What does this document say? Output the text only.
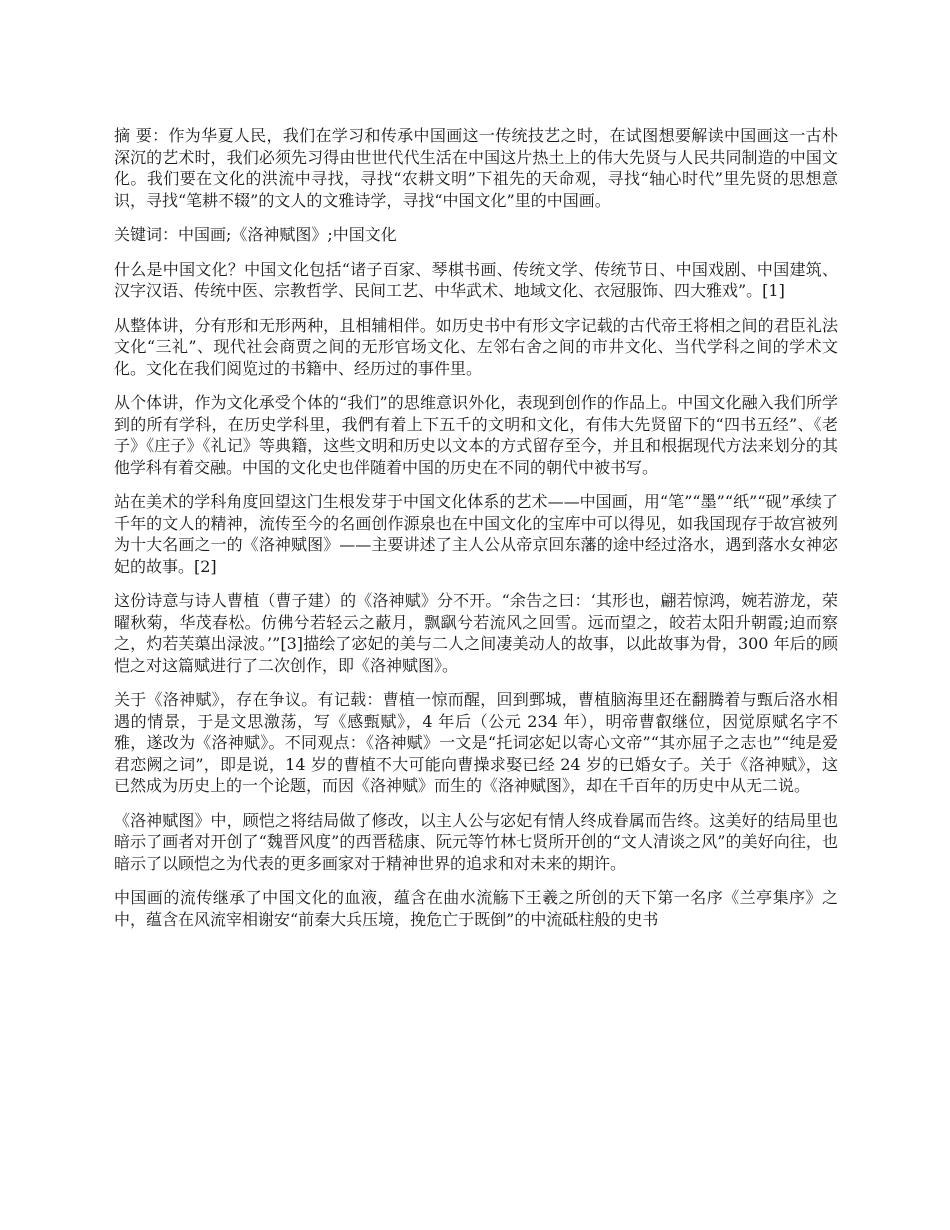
摘 要：作为华夏人民，我们在学习和传承中国画这一传统技艺之时，在试图想要解读中国画这一古朴深沉的艺术时，我们必须先习得由世世代代生活在中国这片热土上的伟大先贤与人民共同制造的中国文化。我们要在文化的洪流中寻找，寻找“农耕文明”下祖先的天命观，寻找“轴心时代”里先贤的思想意识，寻找“笔耕不辍”的文人的文雅诗学，寻找“中国文化”里的中国画。

关键词：中国画;《洛神赋图》;中国文化

什么是中国文化？中国文化包括“诸子百家、琴棋书画、传统文学、传统节日、中国戏剧、中国建筑、汉字汉语、传统中医、宗教哲学、民间工艺、中华武术、地域文化、衣冠服饰、四大雅戏”。[1]

从整体讲，分有形和无形两种，且相辅相伴。如历史书中有形文字记载的古代帝王将相之间的君臣礼法文化“三礼”、现代社会商贾之间的无形官场文化、左邻右舍之间的市井文化、当代学科之间的学术文化。文化在我们阅览过的书籍中、经历过的事件里。

从个体讲，作为文化承受个体的“我们”的思维意识外化，表现到创作的作品上。中国文化融入我们所学到的所有学科，在历史学科里，我們有着上下五千的文明和文化，有伟大先贤留下的“四书五经”、《老子》《庄子》《礼记》等典籍，这些文明和历史以文本的方式留存至今，并且和根据现代方法来划分的其他学科有着交融。中国的文化史也伴随着中国的历史在不同的朝代中被书写。

站在美术的学科角度回望这门生根发芽于中国文化体系的艺术——中国画，用“笔”“墨”“纸”“砚”承续了千年的文人的精神，流传至今的名画创作源泉也在中国文化的宝库中可以得见，如我国现存于故宫被列为十大名画之一的《洛神赋图》——主要讲述了主人公从帝京回东藩的途中经过洛水，遇到落水女神宓妃的故事。[2]

这份诗意与诗人曹植（曹子建）的《洛神赋》分不开。“余告之曰：‘其形也，翩若惊鸿，婉若游龙，荣曜秋菊，华茂春松。仿佛兮若轻云之蔽月，飘飖兮若流风之回雪。远而望之，皎若太阳升朝霞;迫而察之，灼若芙蕖出渌波。’”[3]描绘了宓妃的美与二人之间凄美动人的故事，以此故事为骨，300 年后的顾恺之对这篇赋进行了二次创作，即《洛神赋图》。

关于《洛神赋》，存在争议。有记载：曹植一惊而醒，回到鄄城，曹植脑海里还在翻腾着与甄后洛水相遇的情景，于是文思激荡，写《感甄赋》，4 年后（公元 234 年），明帝曹叡继位，因觉原赋名字不雅，遂改为《洛神赋》。不同观点：《洛神赋》一文是“托词宓妃以寄心文帝”“其亦屈子之志也”“纯是爱君恋阙之词”，即是说，14 岁的曹植不大可能向曹操求娶已经 24 岁的已婚女子。关于《洛神赋》，这已然成为历史上的一个论题，而因《洛神赋》而生的《洛神赋图》，却在千百年的历史中从无二说。

《洛神赋图》中，顾恺之将结局做了修改，以主人公与宓妃有情人终成眷属而告终。这美好的结局里也暗示了画者对开创了“魏晋风度”的西晋嵇康、阮元等竹林七贤所开创的“文人清谈之风”的美好向往，也暗示了以顾恺之为代表的更多画家对于精神世界的追求和对未来的期许。

中国画的流传继承了中国文化的血液，蕴含在曲水流觞下王羲之所创的天下第一名序《兰亭集序》之中，蕴含在风流宰相谢安“前秦大兵压境，挽危亡于既倒”的中流砥柱般的史书
